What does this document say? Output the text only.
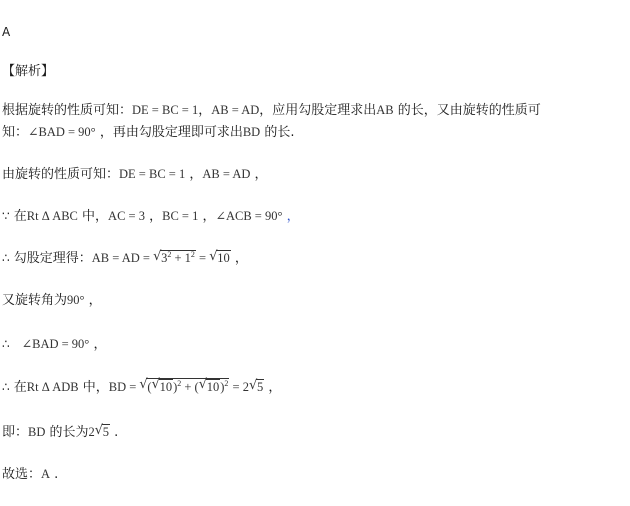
A
【解析】
根据旋转的性质可知：DE = BC = 1，AB = AD，应用勾股定理求出AB 的长，又由旋转的性质可
知：∠BAD = 90° ，再由勾股定理即可求出BD 的长.
由旋转的性质可知：DE = BC = 1 ，AB = AD ，
∵ 在Rt Δ ABC 中，AC = 3 ，BC = 1 ，∠ACB = 90° ，
∴ 勾股定理得：AB = AD = √ $3^2 + 1^2$ = √ 10 ，
又旋转角为90° ，
∴ ∠BAD = 90° ，
∴ 在Rt Δ ADB 中，BD = √ ( √ 10)$^2$ + ( √ 10)$^2$ = 2 √ 5 ，
即：BD 的长为2 √ 5 .
故选：A .
